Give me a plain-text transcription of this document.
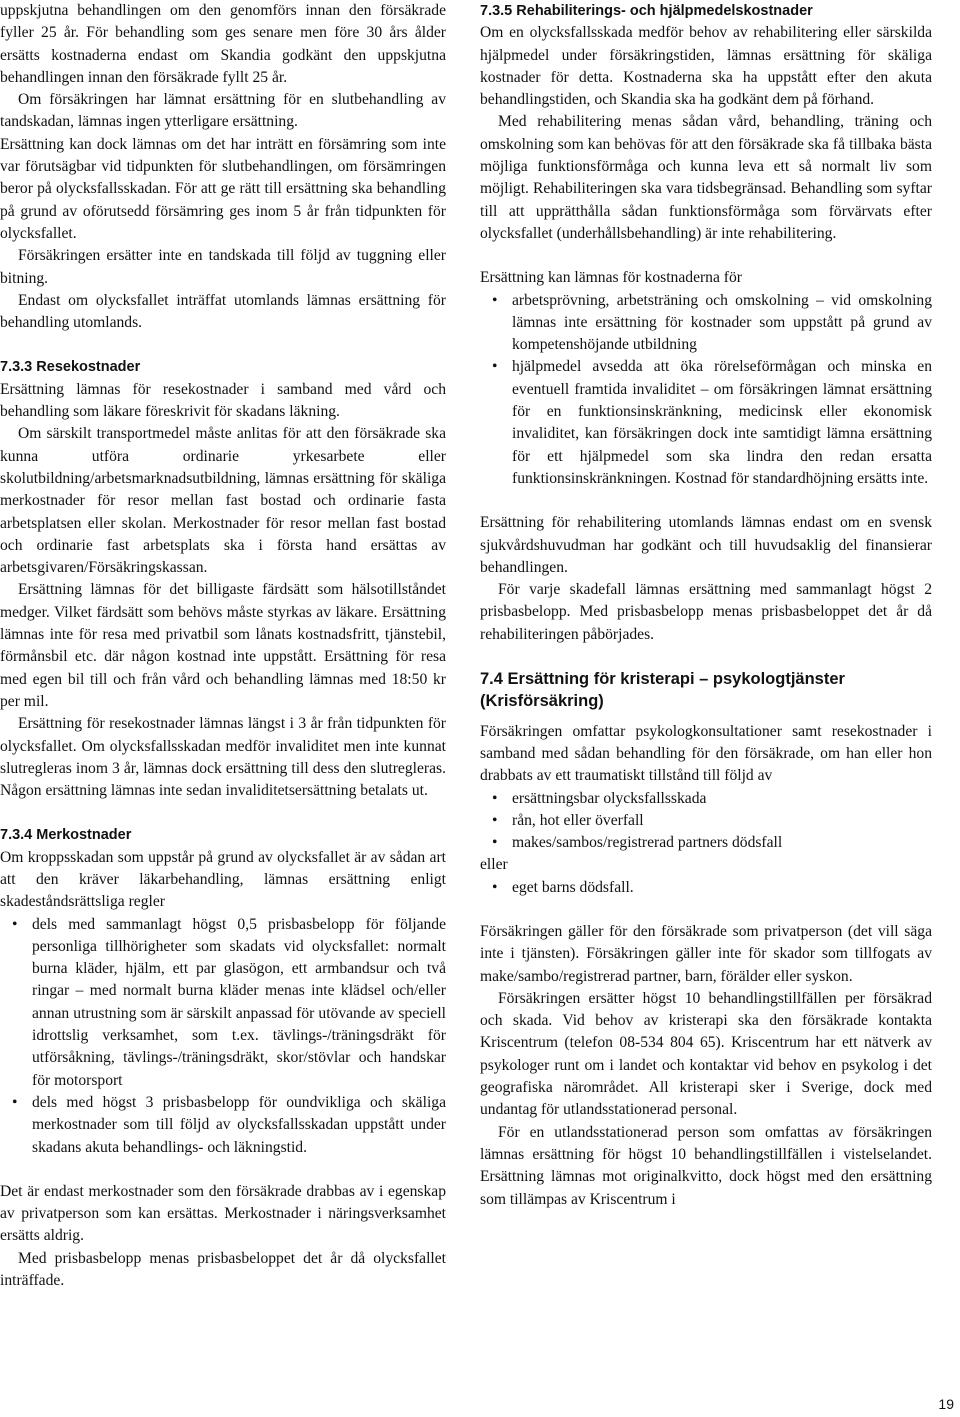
uppskjutna behandlingen om den genomförs innan den försäkrade fyller 25 år. För behandling som ges senare men före 30 års ålder ersätts kostnaderna endast om Skandia godkänt den uppskjutna behandlingen innan den försäkrade fyllt 25 år.

Om försäkringen har lämnat ersättning för en slutbehandling av tandskadan, lämnas ingen ytterligare ersättning.

Ersättning kan dock lämnas om det har inträtt en försämring som inte var förutsägbar vid tidpunkten för slutbehandlingen, om försämringen beror på olycksfallsskadan. För att ge rätt till ersättning ska behandling på grund av oförutsedd försämring ges inom 5 år från tidpunkten för olycksfallet.

Försäkringen ersätter inte en tandskada till följd av tuggning eller bitning.

Endast om olycksfallet inträffat utomlands lämnas ersättning för behandling utomlands.

7.3.3 Resekostnader

Ersättning lämnas för resekostnader i samband med vård och behandling som läkare föreskrivit för skadans läkning.

Om särskilt transportmedel måste anlitas för att den försäkrade ska kunna utföra ordinarie yrkesarbete eller skolutbildning/arbetsmarknadsutbildning, lämnas ersättning för skäliga merkostnader för resor mellan fast bostad och ordinarie fasta arbetsplatsen eller skolan. Merkostnader för resor mellan fast bostad och ordinarie fast arbetsplats ska i första hand ersättas av arbetsgivaren/Försäkringskassan.

Ersättning lämnas för det billigaste färdsätt som hälsotillståndet medger. Vilket färdsätt som behövs måste styrkas av läkare. Ersättning lämnas inte för resa med privatbil som lånats kostnadsfritt, tjänstebil, förmånsbil etc. där någon kostnad inte uppstått. Ersättning för resa med egen bil till och från vård och behandling lämnas med 18:50 kr per mil.

Ersättning för resekostnader lämnas längst i 3 år från tidpunkten för olycksfallet. Om olycksfallsskadan medför invaliditet men inte kunnat slutregleras inom 3 år, lämnas dock ersättning till dess den slutregleras. Någon ersättning lämnas inte sedan invaliditetsersättning betalats ut.

7.3.4 Merkostnader

Om kroppsskadan som uppstår på grund av olycksfallet är av sådan art att den kräver läkarbehandling, lämnas ersättning enligt skadeståndsrättsliga regler

• dels med sammanlagt högst 0,5 prisbasbelopp för följande personliga tillhörigheter som skadats vid olycksfallet: normalt burna kläder, hjälm, ett par glasögon, ett armbandsur och två ringar – med normalt burna kläder menas inte klädsel och/eller annan utrustning som är särskilt anpassad för utövande av speciell idrottslig verksamhet, som t.ex. tävlings-/träningsdräkt för utförsåkning, tävlings-/träningsdräkt, skor/stövlar och handskar för motorsport
• dels med högst 3 prisbasbelopp för oundvikliga och skäliga merkostnader som till följd av olycksfallsskadan uppstått under skadans akuta behandlings- och läkningstid.

Det är endast merkostnader som den försäkrade drabbas av i egenskap av privatperson som kan ersättas. Merkostnader i näringsverksamhet ersätts aldrig.

Med prisbasbelopp menas prisbasbeloppet det år då olycksfallet inträffade.

7.3.5 Rehabiliterings- och hjälpmedelskostnader

Om en olycksfallsskada medför behov av rehabilitering eller särskilda hjälpmedel under försäkringstiden, lämnas ersättning för skäliga kostnader för detta. Kostnaderna ska ha uppstått efter den akuta behandlingstiden, och Skandia ska ha godkänt dem på förhand.

Med rehabilitering menas sådan vård, behandling, träning och omskolning som kan behövas för att den försäkrade ska få tillbaka bästa möjliga funktionsförmåga och kunna leva ett så normalt liv som möjligt. Rehabiliteringen ska vara tidsbegränsad. Behandling som syftar till att upprätthålla sådan funktionsförmåga som förvärvats efter olycksfallet (underhållsbehandling) är inte rehabilitering.

Ersättning kan lämnas för kostnaderna för

• arbetsprövning, arbetsträning och omskolning – vid omskolning lämnas inte ersättning för kostnader som uppstått på grund av kompetenshöjande utbildning
• hjälpmedel avsedda att öka rörelseförmågan och minska en eventuell framtida invaliditet – om försäkringen lämnat ersättning för en funktionsinskränkning, medicinsk eller ekonomisk invaliditet, kan försäkringen dock inte samtidigt lämna ersättning för ett hjälpmedel som ska lindra den redan ersatta funktionsinskränkningen. Kostnad för standardhöjning ersätts inte.

Ersättning för rehabilitering utomlands lämnas endast om en svensk sjukvårdshuvudman har godkänt och till huvudsaklig del finansierar behandlingen.

För varje skadefall lämnas ersättning med sammanlagt högst 2 prisbasbelopp. Med prisbasbelopp menas prisbasbeloppet det år då rehabiliteringen påbörjades.

7.4 Ersättning för kristerapi – psykologtjänster (Krisförsäkring)

Försäkringen omfattar psykologkonsultationer samt resekostnader i samband med sådan behandling för den försäkrade, om han eller hon drabbats av ett traumatiskt tillstånd till följd av

• ersättningsbar olycksfallsskada
• rån, hot eller överfall
• makes/sambos/registrerad partners dödsfall

eller

• eget barns dödsfall.

Försäkringen gäller för den försäkrade som privatperson (det vill säga inte i tjänsten). Försäkringen gäller inte för skador som tillfogats av make/sambo/registrerad partner, barn, förälder eller syskon.

Försäkringen ersätter högst 10 behandlingstillfällen per försäkrad och skada. Vid behov av kristerapi ska den försäkrade kontakta Kriscentrum (telefon 08-534 804 65). Kriscentrum har ett nätverk av psykologer runt om i landet och kontaktar vid behov en psykolog i det geografiska närområdet. All kristerapi sker i Sverige, dock med undantag för utlandsstationerad personal.

För en utlandsstationerad person som omfattas av försäkringen lämnas ersättning för högst 10 behandlingstillfällen i vistelselandet. Ersättning lämnas mot originalkvitto, dock högst med den ersättning som tillämpas av Kriscentrum i

19
